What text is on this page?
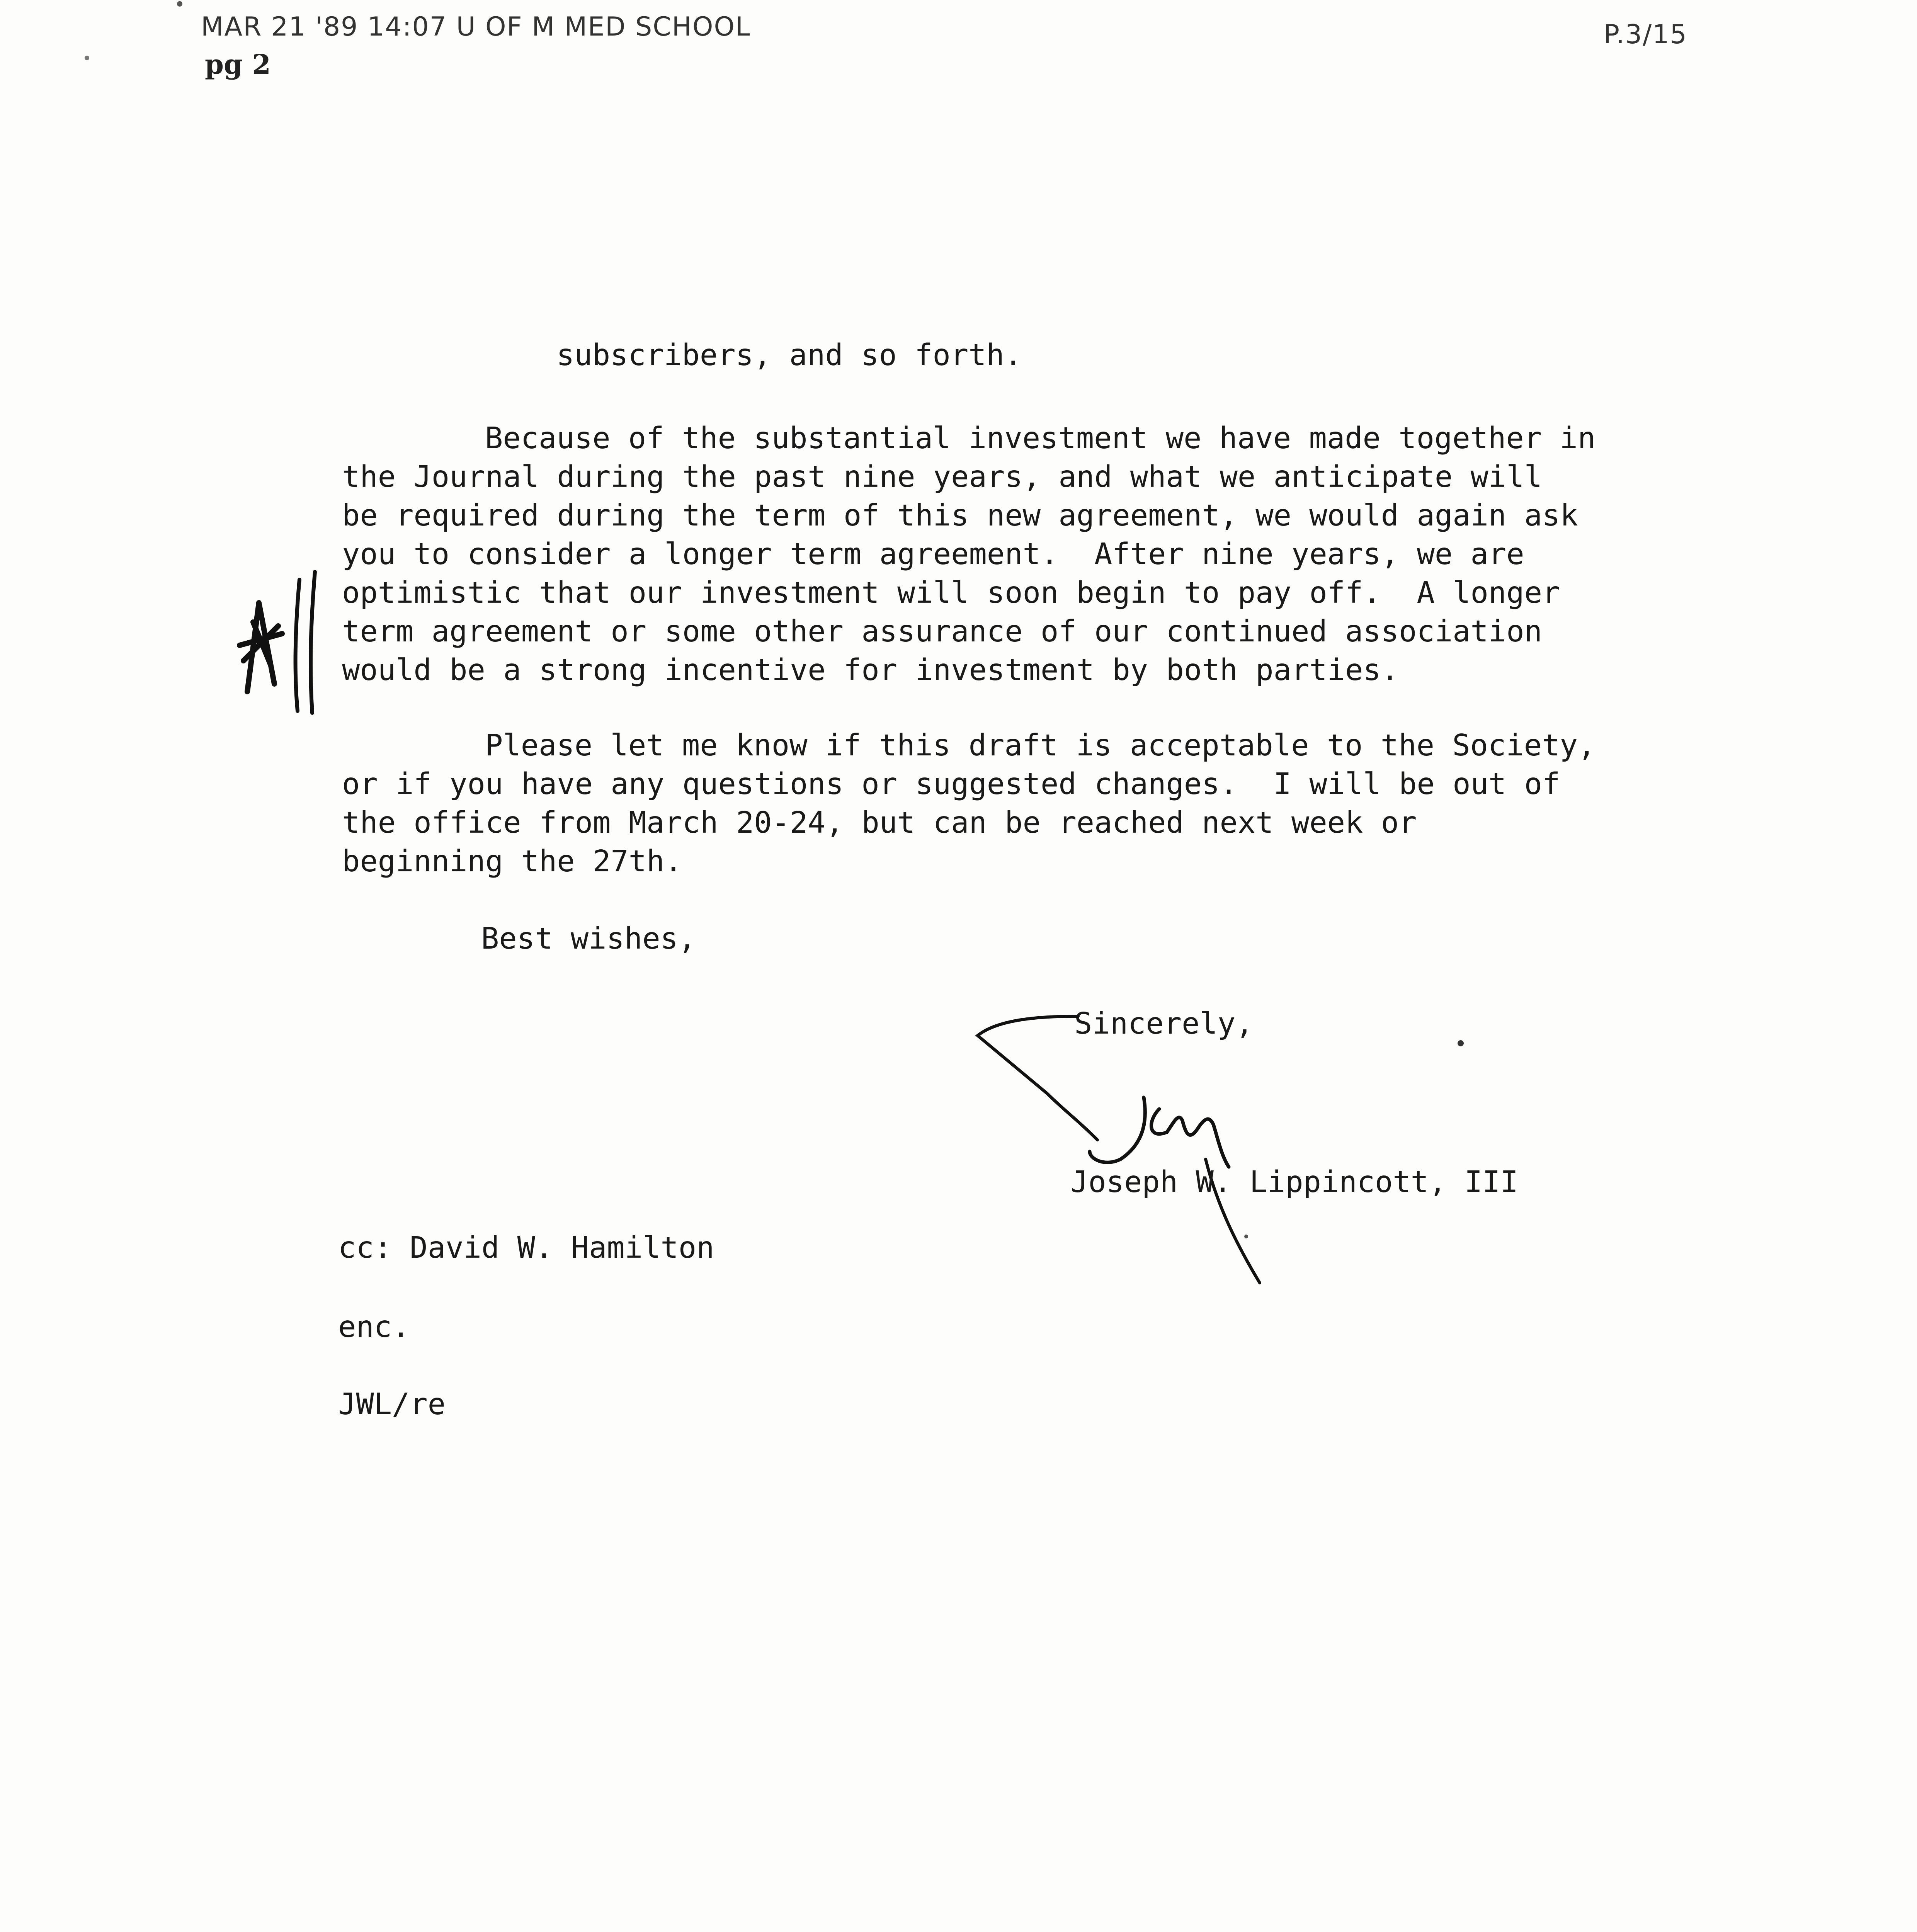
MAR 21 '89 14:07 U OF M MED SCHOOL	P.3/15
pg 2
subscribers, and so forth.
Because of the substantial investment we have made together in
the Journal during the past nine years, and what we anticipate will
be required during the term of this new agreement, we would again ask
you to consider a longer term agreement.  After nine years, we are
optimistic that our investment will soon begin to pay off.  A longer
term agreement or some other assurance of our continued association
would be a strong incentive for investment by both parties.
Please let me know if this draft is acceptable to the Society,
or if you have any questions or suggested changes.  I will be out of
the office from March 20-24, but can be reached next week or
beginning the 27th.
Best wishes,
Sincerely,
Joseph W. Lippincott, III
cc: David W. Hamilton
enc.
JWL/re
